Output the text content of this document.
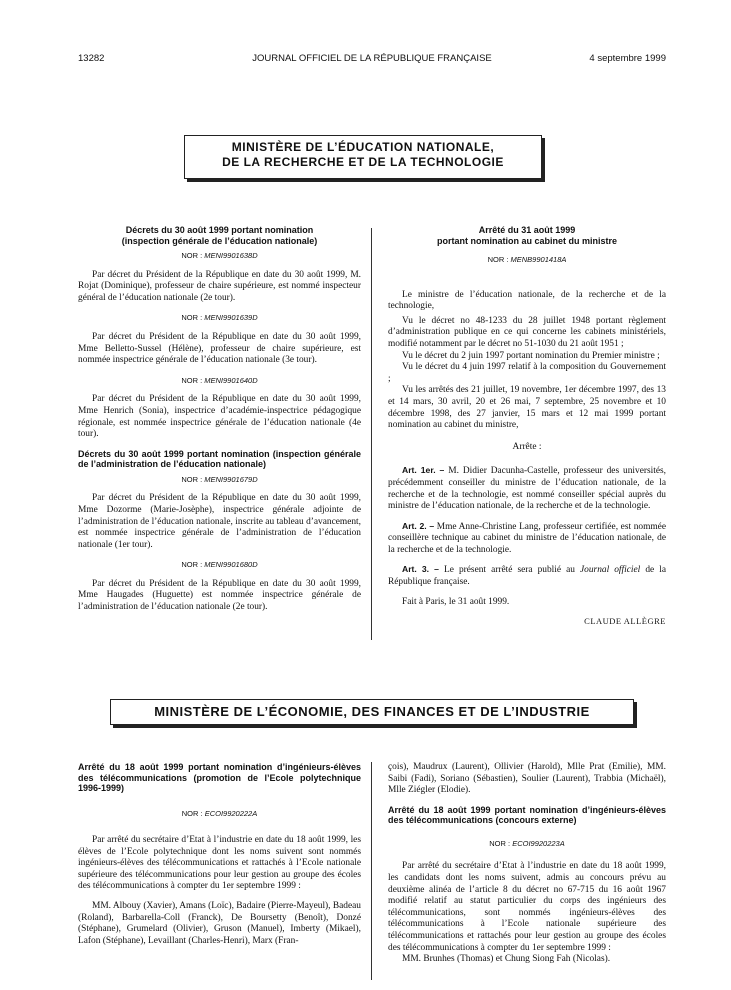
13282	JOURNAL OFFICIEL DE LA RÉPUBLIQUE FRANÇAISE	4 septembre 1999
MINISTÈRE DE L’ÉDUCATION NATIONALE,
DE LA RECHERCHE ET DE LA TECHNOLOGIE
Décrets du 30 août 1999 portant nomination
(inspection générale de l’éducation nationale)
NOR : MENI9901638D

Par décret du Président de la République en date du 30 août 1999, M. Rojat (Dominique), professeur de chaire supérieure, est nommé inspecteur général de l’éducation nationale (2e tour).

NOR : MENI9901639D

Par décret du Président de la République en date du 30 août 1999, Mme Belletto-Sussel (Hélène), professeur de chaire supérieure, est nommée inspectrice générale de l’éducation nationale (3e tour).

NOR : MENI9901640D

Par décret du Président de la République en date du 30 août 1999, Mme Henrich (Sonia), inspectrice d’académie-inspectrice pédagogique régionale, est nommée inspectrice générale de l’éducation nationale (4e tour).

Décrets du 30 août 1999 portant nomination (inspection générale de l’administration de l’éducation nationale)
NOR : MENI9901679D

Par décret du Président de la République en date du 30 août 1999, Mme Dozorme (Marie-Josèphe), inspectrice générale adjointe de l’administration de l’éducation nationale, inscrite au tableau d’avancement, est nommée inspectrice générale de l’administration de l’éducation nationale (1er tour).

NOR : MENI9901680D

Par décret du Président de la République en date du 30 août 1999, Mme Haugades (Huguette) est nommée inspectrice générale de l’administration de l’éducation nationale (2e tour).

Arrêté du 31 août 1999
portant nomination au cabinet du ministre
NOR : MENB9901418A

Le ministre de l’éducation nationale, de la recherche et de la technologie,

Vu le décret no 48-1233 du 28 juillet 1948 portant règlement d’administration publique en ce qui concerne les cabinets ministériels, modifié notamment par le décret no 51-1030 du 21 août 1951 ;

Vu le décret du 2 juin 1997 portant nomination du Premier ministre ;

Vu le décret du 4 juin 1997 relatif à la composition du Gouvernement ;

Vu les arrêtés des 21 juillet, 19 novembre, 1er décembre 1997, des 13 et 14 mars, 30 avril, 20 et 26 mai, 7 septembre, 25 novembre et 10 décembre 1998, des 27 janvier, 15 mars et 12 mai 1999 portant nomination au cabinet du ministre,

Arrête :

Art. 1er. – M. Didier Dacunha-Castelle, professeur des universités, précédemment conseiller du ministre de l’éducation nationale, de la recherche et de la technologie, est nommé conseiller spécial auprès du ministre de l’éducation nationale, de la recherche et de la technologie.

Art. 2. – Mme Anne-Christine Lang, professeur certifiée, est nommée conseillère technique au cabinet du ministre de l’éducation nationale, de la recherche et de la technologie.

Art. 3. – Le présent arrêté sera publié au Journal officiel de la République française.

Fait à Paris, le 31 août 1999.

CLAUDE ALLÈGRE
MINISTÈRE DE L’ÉCONOMIE, DES FINANCES ET DE L’INDUSTRIE
Arrêté du 18 août 1999 portant nomination d’ingénieurs-élèves des télécommunications (promotion de l’Ecole polytechnique 1996-1999)
NOR : ECOI9920222A

Par arrêté du secrétaire d’Etat à l’industrie en date du 18 août 1999, les élèves de l’Ecole polytechnique dont les noms suivent sont nommés ingénieurs-élèves des télécommunications et rattachés à l’Ecole nationale supérieure des télécommunications pour leur gestion au groupe des écoles des télécommunications à compter du 1er septembre 1999 :

MM. Albouy (Xavier), Amans (Loïc), Badaire (Pierre-Mayeul), Badeau (Roland), Barbarella-Coll (Franck), De Boursetty (Benoît), Donzé (Stéphane), Grumelard (Olivier), Gruson (Manuel), Imberty (Mikael), Lafon (Stéphane), Levaillant (Charles-Henri), Marx (Fran-

çois), Maudrux (Laurent), Ollivier (Harold), Mlle Prat (Emilie), MM. Saibi (Fadi), Soriano (Sébastien), Soulier (Laurent), Trabbia (Michaël), Mlle Ziégler (Elodie).

Arrêté du 18 août 1999 portant nomination d’ingénieurs-élèves des télécommunications (concours externe)
NOR : ECOI9920223A

Par arrêté du secrétaire d’Etat à l’industrie en date du 18 août 1999, les candidats dont les noms suivent, admis au concours prévu au deuxième alinéa de l’article 8 du décret no 67-715 du 16 août 1967 modifié relatif au statut particulier du corps des ingénieurs des télécommunications, sont nommés ingénieurs-élèves des télécommunications à l’Ecole nationale supérieure des télécommunications et rattachés pour leur gestion au groupe des écoles des télécommunications à compter du 1er septembre 1999 :

MM. Brunhes (Thomas) et Chung Siong Fah (Nicolas).
